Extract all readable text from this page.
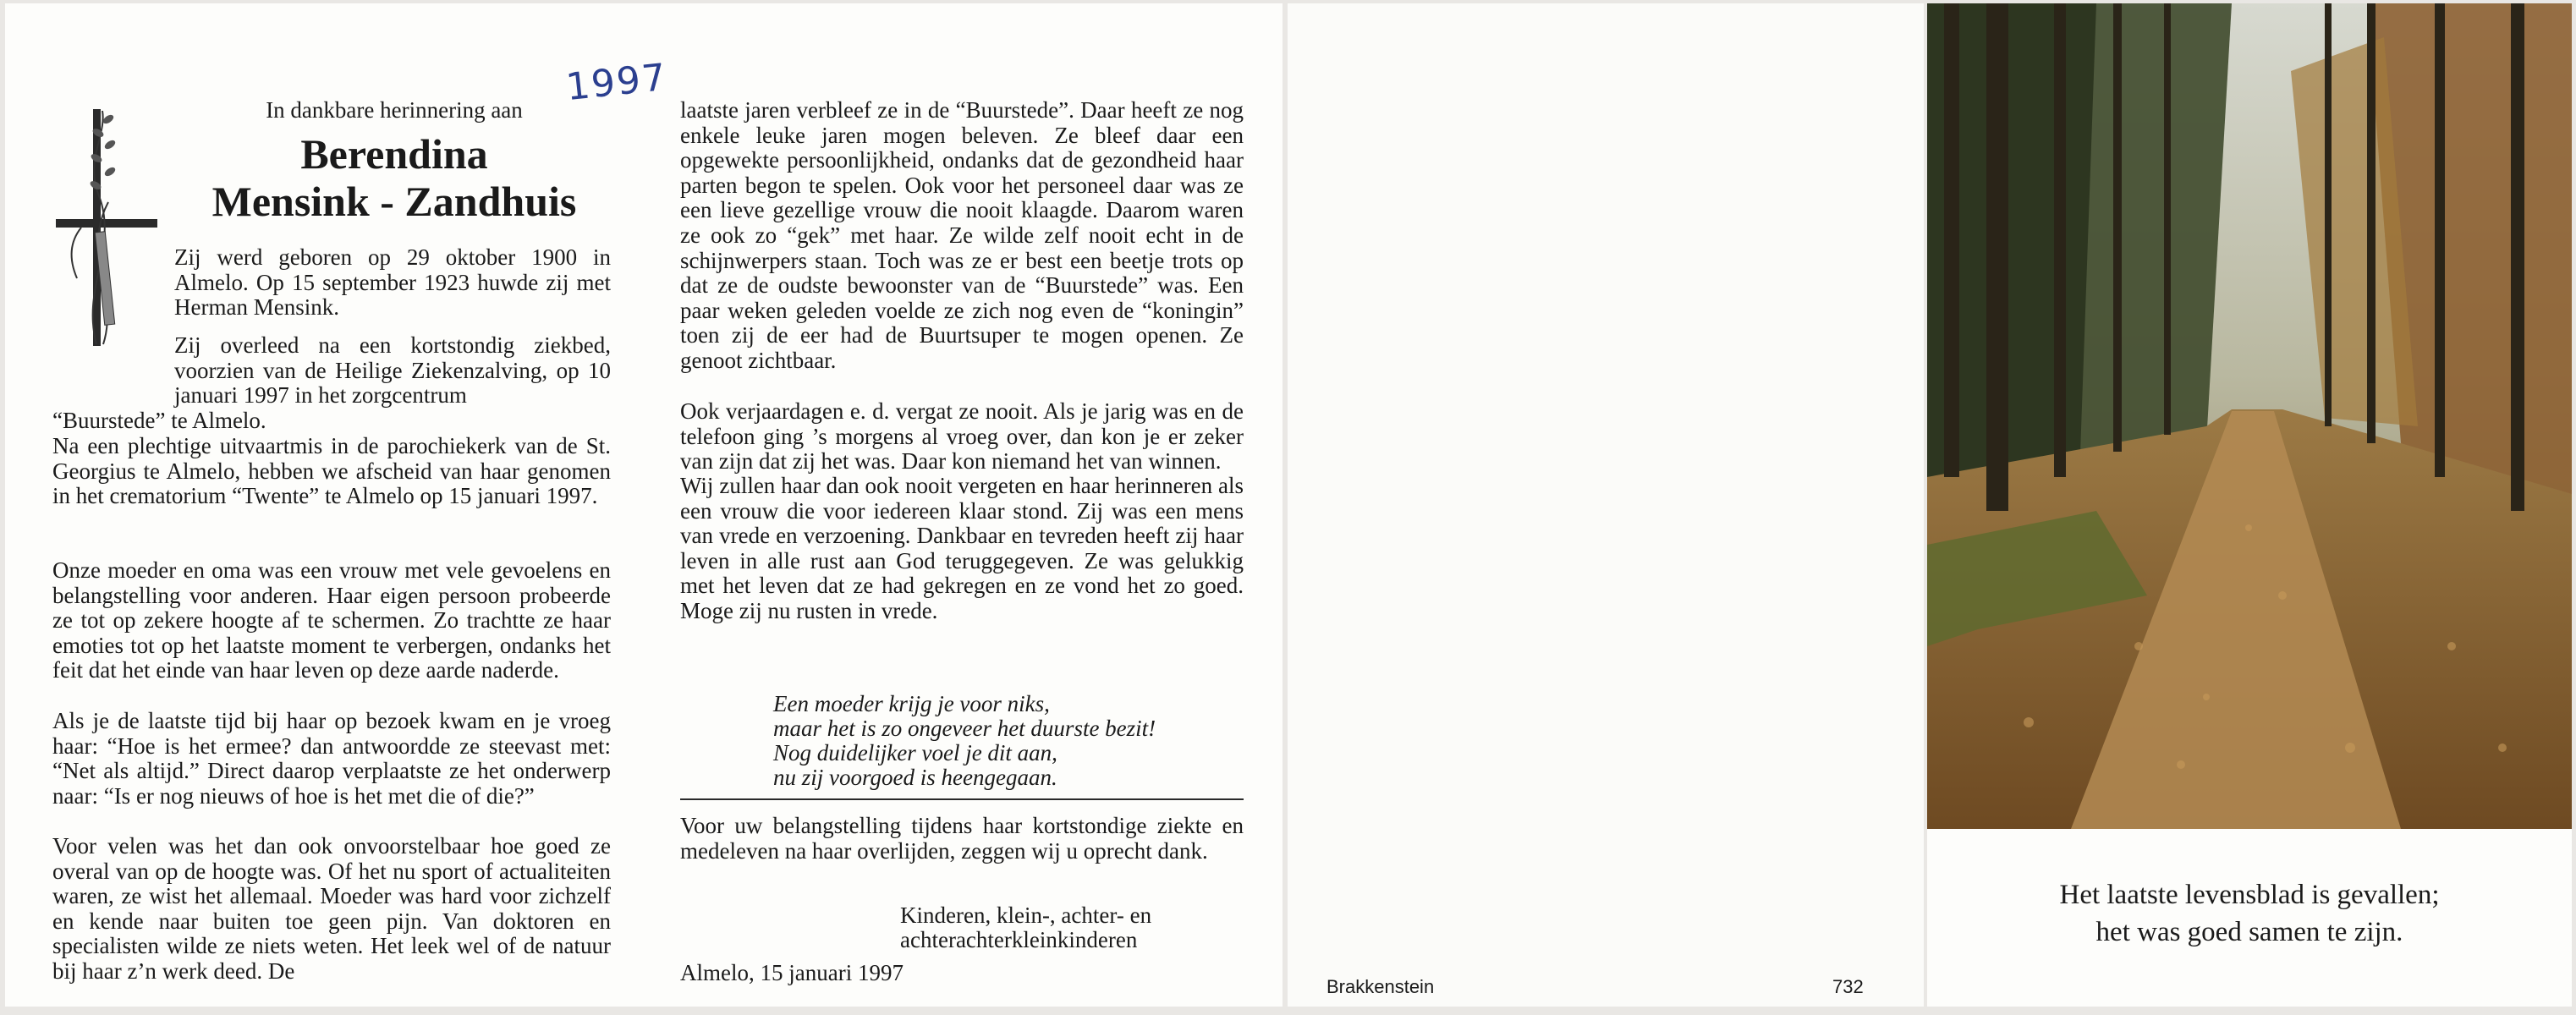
1997
In dankbare herinnering aan
Berendina
Mensink - Zandhuis
Zij werd geboren op 29 oktober 1900 in Almelo. Op 15 september 1923 huwde zij met Herman Mensink.
Zij overleed na een kortstondig ziekbed, voorzien van de Heilige Ziekenzalving, op 10 januari 1997 in het zorgcentrum
“Buurstede” te Almelo.
Na een plechtige uitvaartmis in de parochiekerk van de St. Georgius te Almelo, hebben we afscheid van haar genomen in het crematorium “Twente” te Almelo op 15 januari 1997.
Onze moeder en oma was een vrouw met vele gevoelens en belangstelling voor anderen. Haar eigen persoon probeerde ze tot op zekere hoogte af te schermen. Zo trachtte ze haar emoties tot op het laatste moment te verbergen, ondanks het feit dat het einde van haar leven op deze aarde naderde.
Als je de laatste tijd bij haar op bezoek kwam en je vroeg haar: “Hoe is het ermee? dan antwoordde ze steevast met: “Net als altijd.” Direct daarop verplaatste ze het onderwerp naar: “Is er nog nieuws of hoe is het met die of die?”
Voor velen was het dan ook onvoorstelbaar hoe goed ze overal van op de hoogte was. Of het nu sport of actualiteiten waren, ze wist het allemaal. Moeder was hard voor zichzelf en kende naar buiten toe geen pijn. Van doktoren en specialisten wilde ze niets weten. Het leek wel of de natuur bij haar z’n werk deed. De
laatste jaren verbleef ze in de “Buurstede”. Daar heeft ze nog enkele leuke jaren mogen beleven. Ze bleef daar een opgewekte persoonlijkheid, ondanks dat de gezondheid haar parten begon te spelen. Ook voor het personeel daar was ze een lieve gezellige vrouw die nooit klaagde. Daarom waren ze ook zo “gek” met haar. Ze wilde zelf nooit echt in de schijnwerpers staan. Toch was ze er best een beetje trots op dat ze de oudste bewoonster van de “Buurstede” was. Een paar weken geleden voelde ze zich nog even de “koningin” toen zij de eer had de Buurtsuper te mogen openen. Ze genoot zichtbaar.
Ook verjaardagen e. d. vergat ze nooit. Als je jarig was en de telefoon ging ’s morgens al vroeg over, dan kon je er zeker van zijn dat zij het was. Daar kon niemand het van winnen.
Wij zullen haar dan ook nooit vergeten en haar herinneren als een vrouw die voor iedereen klaar stond. Zij was een mens van vrede en verzoening. Dankbaar en tevreden heeft zij haar leven in alle rust aan God teruggegeven. Ze was gelukkig met het leven dat ze had gekregen en ze vond het zo goed. Moge zij nu rusten in vrede.
Een moeder krijg je voor niks,
maar het is zo ongeveer het duurste bezit!
Nog duidelijker voel je dit aan,
nu zij voorgoed is heengegaan.
Voor uw belangstelling tijdens haar kortstondige ziekte en medeleven na haar overlijden, zeggen wij u oprecht dank.
Kinderen, klein-, achter- en
achterachterkleinkinderen
Almelo, 15 januari 1997
Brakkenstein	732
Het laatste levensblad is gevallen;
het was goed samen te zijn.
